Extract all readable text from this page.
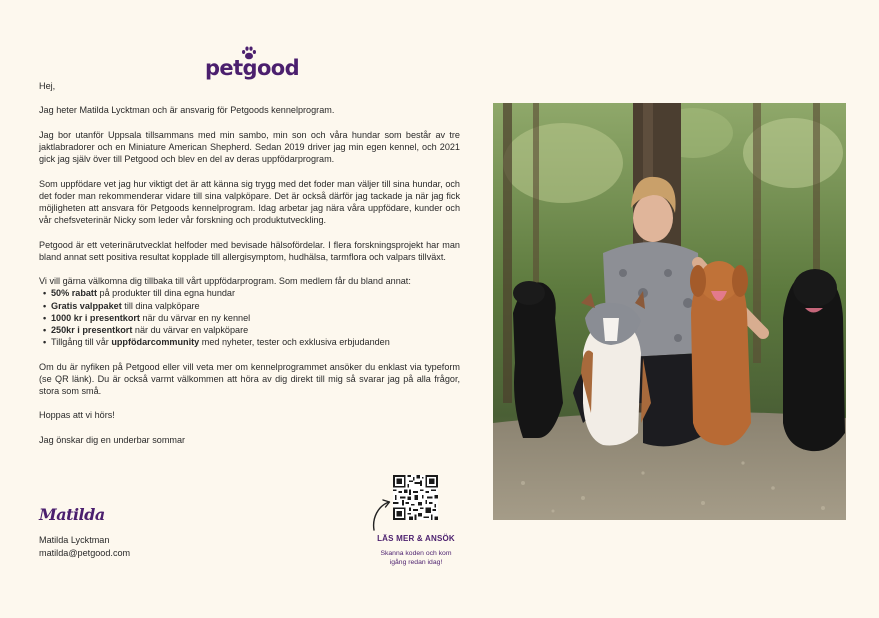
petgood

Hej,

Jag heter Matilda Lycktman och är ansvarig för Petgoods kennelprogram.

Jag bor utanför Uppsala tillsammans med min sambo, min son och våra hundar som består av tre jaktlabradorer och en Miniature American Shepherd. Sedan 2019 driver jag min egen kennel, och 2021 gick jag själv över till Petgood och blev en del av deras uppfödarprogram.

Som uppfödare vet jag hur viktigt det är att känna sig trygg med det foder man väljer till sina hundar, och det foder man rekommenderar vidare till sina valpköpare. Det är också därför jag tackade ja när jag fick möjligheten att ansvara för Petgoods kennelprogram. Idag arbetar jag nära våra uppfödare, kunder och vår chefsveterinär Nicky som leder vår forskning och produktutveckling.

Petgood är ett veterinärutvecklat helfoder med bevisade hälsofördelar. I flera forskningsprojekt har man bland annat sett positiva resultat kopplade till allergisymptom, hudhälsa, tarmflora och valpars tillväxt.

Vi vill gärna välkomna dig tillbaka till vårt uppfödarprogram. Som medlem får du bland annat:

• 50% rabatt på produkter till dina egna hundar
• Gratis valppaket till dina valpköpare
• 1000 kr i presentkort när du värvar en ny kennel
• 250kr i presentkort när du värvar en valpköpare
• Tillgång till vår uppfödarcommunity med nyheter, tester och exklusiva erbjudanden

Om du är nyfiken på Petgood eller vill veta mer om kennelprogrammet ansöker du enklast via typeform (se QR länk). Du är också varmt välkommen att höra av dig direkt till mig så svarar jag på alla frågor, stora som små.

Hoppas att vi hörs!

Jag önskar dig en underbar sommar

Matilda
Matilda Lycktman
matilda@petgood.com
LÄS MER & ANSÖK
Skanna koden och kom
igång redan idag!
